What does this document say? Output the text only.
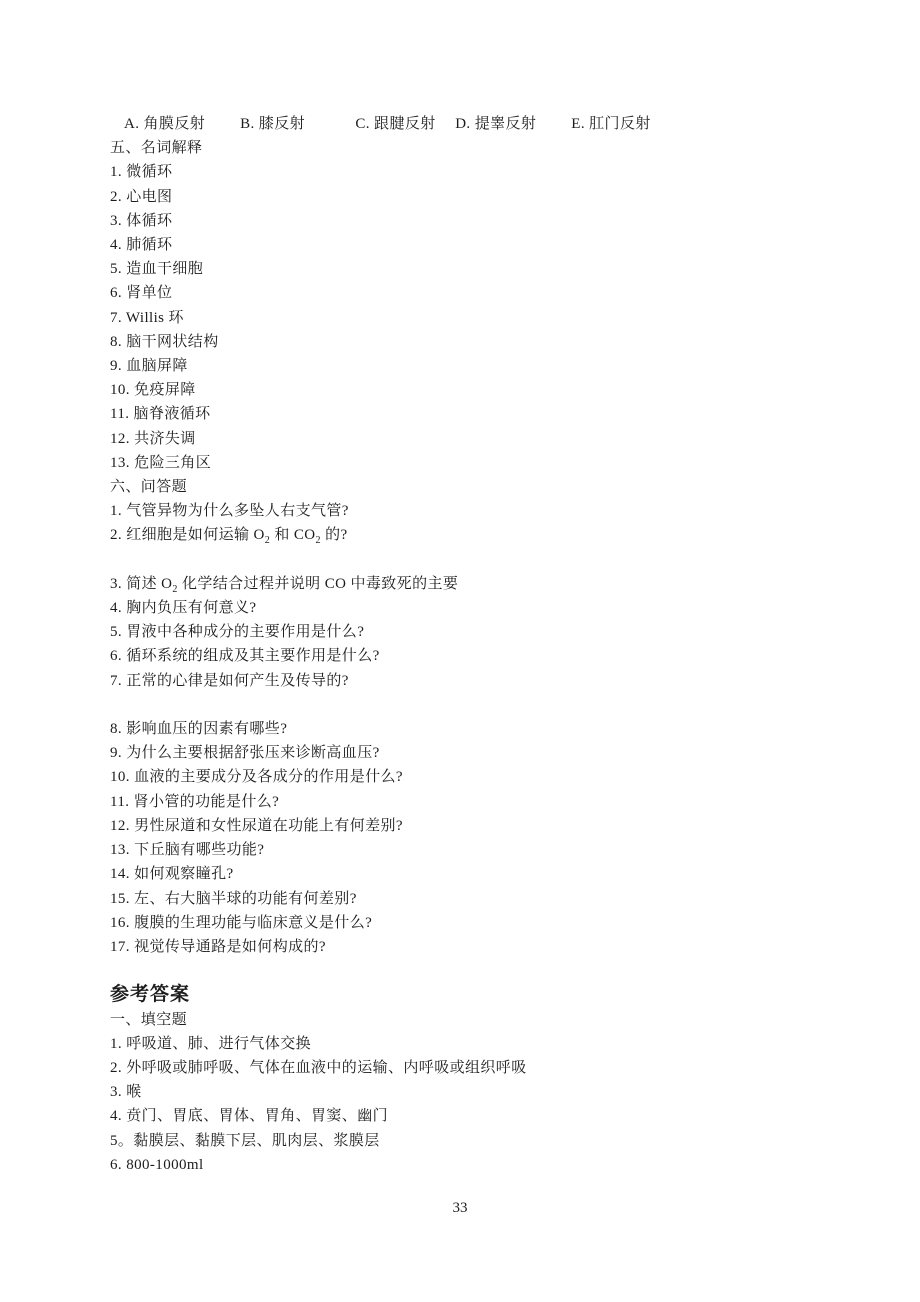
A. 角膜反射　　 B. 膝反射　　　 C. 跟腱反射　 D. 提睾反射　　 E. 肛门反射
五、名词解释
1. 微循环
2. 心电图
3. 体循环
4. 肺循环
5. 造血干细胞
6. 肾单位
7. Willis 环
8. 脑干网状结构
9. 血脑屏障
10. 免疫屏障
11. 脑脊液循环
12. 共济失调
13. 危险三角区
六、问答题
1. 气管异物为什么多坠人右支气管?
2. 红细胞是如何运输 $O_2$ 和 $CO_2$ 的?

3. 简述 $O_2$ 化学结合过程并说明 CO 中毒致死的主要
4. 胸内负压有何意义?
5. 胃液中各种成分的主要作用是什么?
6. 循环系统的组成及其主要作用是什么?
7. 正常的心律是如何产生及传导的?

8. 影响血压的因素有哪些?
9. 为什么主要根据舒张压来诊断高血压?
10. 血液的主要成分及各成分的作用是什么?
11. 肾小管的功能是什么?
12. 男性尿道和女性尿道在功能上有何差别?
13. 下丘脑有哪些功能?
14. 如何观察瞳孔?
15. 左、右大脑半球的功能有何差别?
16. 腹膜的生理功能与临床意义是什么?
17. 视觉传导通路是如何构成的?

参考答案
一、填空题
1. 呼吸道、肺、进行气体交换
2. 外呼吸或肺呼吸、气体在血液中的运输、内呼吸或组织呼吸
3. 喉
4. 贲门、胃底、胃体、胃角、胃窦、幽门
5。黏膜层、黏膜下层、肌肉层、浆膜层
6. 800-1000ml
33
